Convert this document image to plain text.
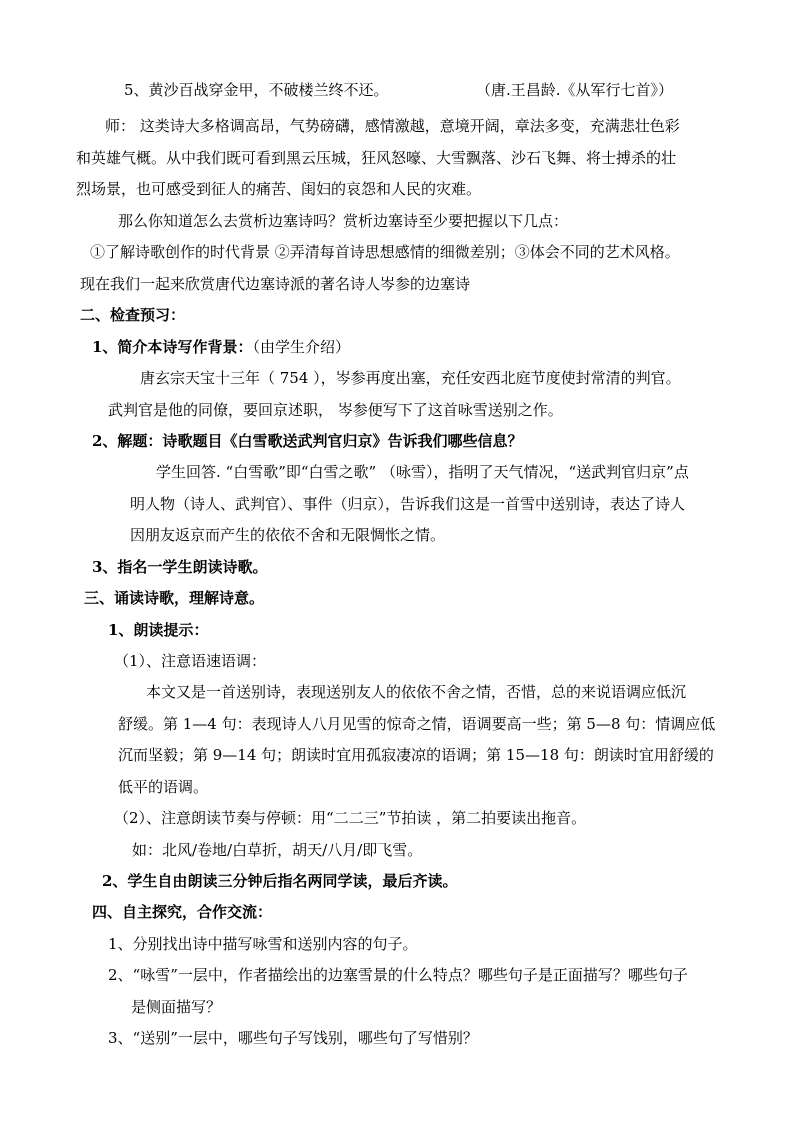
5、黄沙百战穿金甲，不破楼兰终不还。	（唐.王昌龄.《从军行七首》）
师： 这类诗大多格调高昂，气势磅礴，感情激越，意境开阔，章法多变，充满悲壮色彩
和英雄气概。从中我们既可看到黑云压城，狂风怒嚎、大雪飘落、沙石飞舞、将士搏杀的壮
烈场景，也可感受到征人的痛苦、闺妇的哀怨和人民的灾难。
那么你知道怎么去赏析边塞诗吗？赏析边塞诗至少要把握以下几点：
①了解诗歌创作的时代背景 ②弄清每首诗思想感情的细微差别；③体会不同的艺术风格。
现在我们一起来欣赏唐代边塞诗派的著名诗人岑参的边塞诗
二、检查预习：
1、简介本诗写作背景：（由学生介绍）
唐玄宗天宝十三年（ 754 ），岑参再度出塞，充任安西北庭节度使封常清的判官。
武判官是他的同僚，要回京述职， 岑参便写下了这首咏雪送别之作。
2、解题：诗歌题目《白雪歌送武判官归京》告诉我们哪些信息？
学生回答. “白雪歌”即“白雪之歌” （咏雪），指明了天气情况，“送武判官归京”点
明人物（诗人、武判官）、事件（归京），告诉我们这是一首雪中送别诗，表达了诗人
因朋友返京而产生的依依不舍和无限惆怅之情。
3、指名一学生朗读诗歌。
三、诵读诗歌，理解诗意。
1、朗读提示：
（1）、注意语速语调：
本文又是一首送别诗，表现送别友人的依依不舍之情，否惜，总的来说语调应低沉
舒缓。第 1—4 句：表现诗人八月见雪的惊奇之情，语调要高一些；第 5—8 句：情调应低
沉而坚毅；第 9—14 句；朗读时宜用孤寂凄凉的语调；第 15—18 句：朗读时宜用舒缓的
低平的语调。
（2）、注意朗读节奏与停顿：用“二二三”节拍读 ，第二拍要读出拖音。
如：北风/卷地/白草折，胡天/八月/即飞雪。
2、学生自由朗读三分钟后指名两同学读，最后齐读。
四、自主探究，合作交流：
1、分别找出诗中描写咏雪和送别内容的句子。
2、“咏雪”一层中，作者描绘出的边塞雪景的什么特点？哪些句子是正面描写？哪些句子
是侧面描写？
3、“送别”一层中，哪些句子写饯别，哪些句了写惜别？
